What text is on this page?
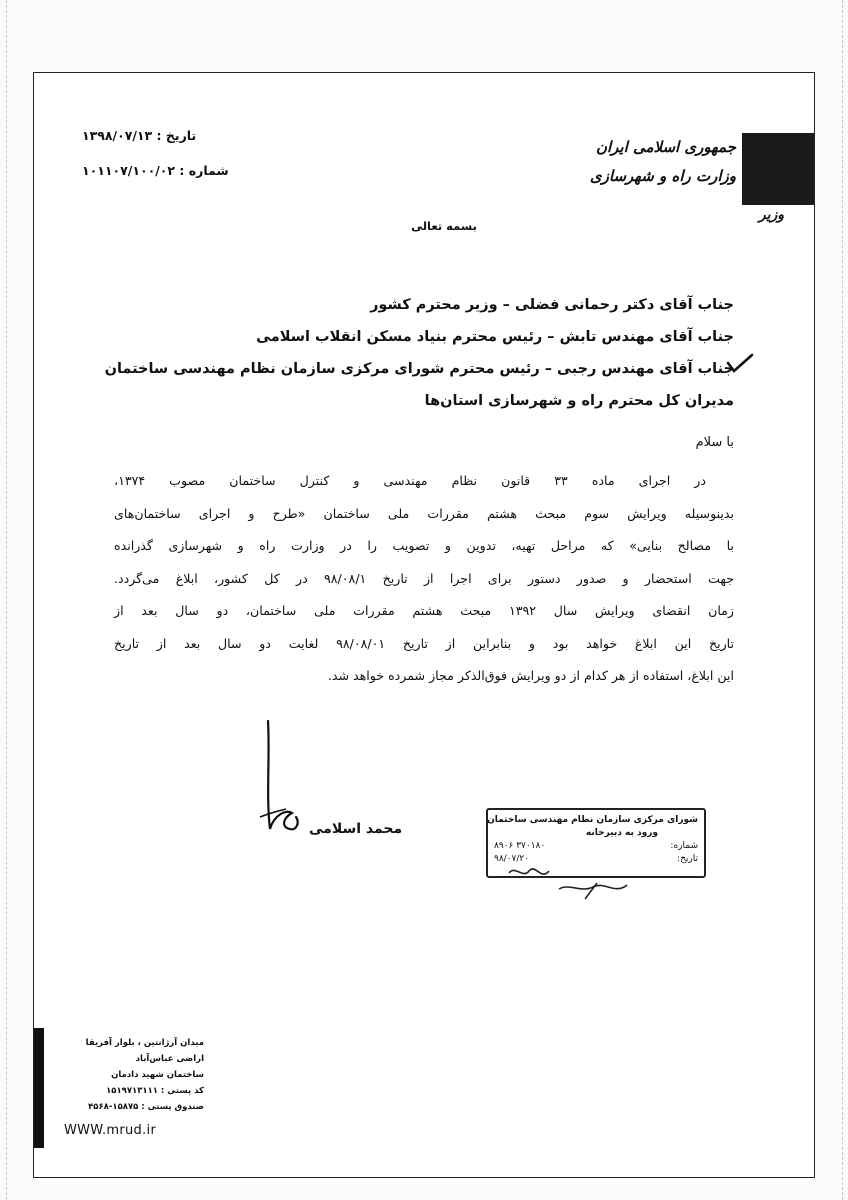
جمهوری اسلامی ایران
وزارت راه و شهرسازی
وزیر
تاریخ : ۱۳۹۸/۰۷/۱۳
شماره : ۱۰۱۱۰۷/۱۰۰/۰۲
بسمه تعالی
جناب آقای دکتر رحمانی فضلی – وزیر محترم کشور
جناب آقای مهندس تابش – رئیس محترم بنیاد مسکن انقلاب اسلامی
جناب آقای مهندس رجبی – رئیس محترم شورای مرکزی سازمان نظام مهندسی ساختمان
مدیران کل محترم راه و شهرسازی استان‌ها
با سلام
در اجرای ماده ۳۳ قانون نظام مهندسی و کنترل ساختمان مصوب ۱۳۷۴،
بدینوسیله ویرایش سوم مبحث هشتم مقررات ملی ساختمان «طرح و اجرای ساختمان‌های
با مصالح بنایی» که مراحل تهیه، تدوین و تصویب را در وزارت راه و شهرسازی گذرانده
جهت استحضار و صدور دستور برای اجرا از تاریخ ۹۸/۰۸/۱ در کل کشور، ابلاغ می‌گردد.
زمان انقضای ویرایش سال ۱۳۹۲ مبحث هشتم مقررات ملی ساختمان، دو سال بعد از
تاریخ این ابلاغ خواهد بود و بنابراین از تاریخ ۹۸/۰۸/۰۱ لغایت دو سال بعد از تاریخ
این ابلاغ، استفاده از هر کدام از دو ویرایش فوق‌الذکر مجاز شمرده خواهد شد.
محمد اسلامی
شورای مرکزی سازمان نظام مهندسی ساختمان
ورود به دبیرخانه
شماره:
۸۹۰۶ ۳۷۰۱۸۰
تاریخ:
۹۸/۰۷/۲۰
میدان آرژانتین ، بلوار آفریقا
اراضی عباس‌آباد
ساختمان شهید دادمان
کد پستی : ۱۵۱۹۷۱۳۱۱۱
صندوق پستی : ۱۵۸۷۵-۴۵۶۸
WWW.mrud.ir
